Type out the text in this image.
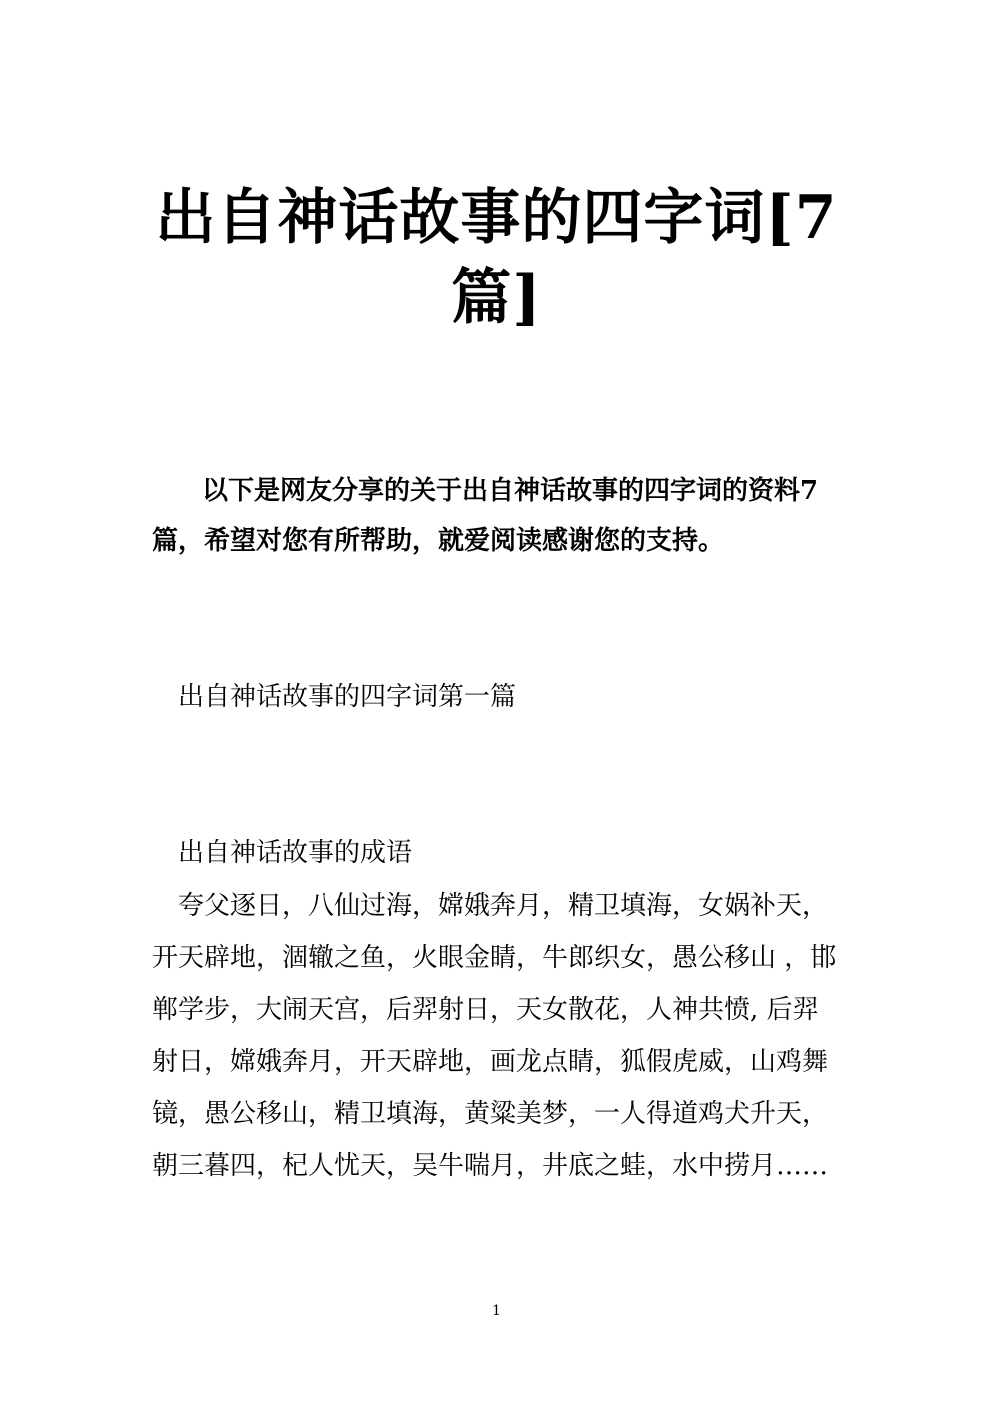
出自神话故事的四字词[7篇]

以下是网友分享的关于出自神话故事的四字词的资料7篇，希望对您有所帮助，就爱阅读感谢您的支持。

出自神话故事的四字词第一篇

出自神话故事的成语

夸父逐日，八仙过海，嫦娥奔月，精卫填海，女娲补天，开天辟地，涸辙之鱼，火眼金睛，牛郎织女，愚公移山 ，邯郸学步，大闹天宫，后羿射日，天女散花，人神共愤, 后羿射日，嫦娥奔月，开天辟地，画龙点睛，狐假虎威，山鸡舞镜，愚公移山，精卫填海，黄粱美梦，一人得道鸡犬升天，朝三暮四，杞人忧天，吴牛喘月，井底之蛙，水中捞月……

1
